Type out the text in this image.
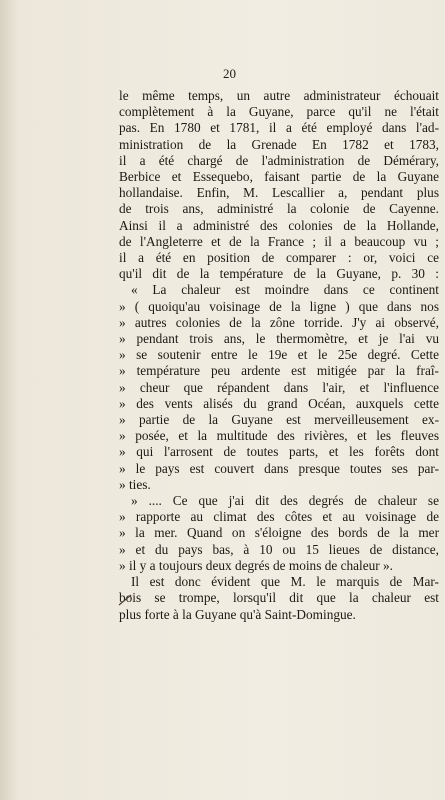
20
le même temps, un autre administrateur échouait
complètement à la Guyane, parce qu'il ne l'était
pas. En 1780 et 1781, il a été employé dans l'ad-
ministration de la Grenade En 1782 et 1783,
il a été chargé de l'administration de Démérary,
Berbice et Essequebo, faisant partie de la Guyane
hollandaise. Enfin, M. Lescallier a, pendant plus
de trois ans, administré la colonie de Cayenne.
Ainsi il a administré des colonies de la Hollande,
de l'Angleterre et de la France ; il a beaucoup vu ;
il a été en position de comparer : or, voici ce
qu'il dit de la température de la Guyane, p. 30 :
« La chaleur est moindre dans ce continent
» ( quoiqu'au voisinage de la ligne ) que dans nos
» autres colonies de la zône torride. J'y ai observé,
» pendant trois ans, le thermomètre, et je l'ai vu
» se soutenir entre le 19e et le 25e degré. Cette
» température peu ardente est mitigée par la fraî-
» cheur que répandent dans l'air, et l'influence
» des vents alisés du grand Océan, auxquels cette
» partie de la Guyane est merveilleusement ex-
» posée, et la multitude des rivières, et les fleuves
» qui l'arrosent de toutes parts, et les forêts dont
» le pays est couvert dans presque toutes ses par-
» ties.
» .... Ce que j'ai dit des degrés de chaleur se
» rapporte au climat des côtes et au voisinage de
» la mer. Quand on s'éloigne des bords de la mer
» et du pays bas, à 10 ou 15 lieues de distance,
» il y a toujours deux degrés de moins de chaleur ».
Il est donc évident que M. le marquis de Mar-
bois se trompe, lorsqu'il dit que la chaleur est
plus forte à la Guyane qu'à Saint-Domingue.
